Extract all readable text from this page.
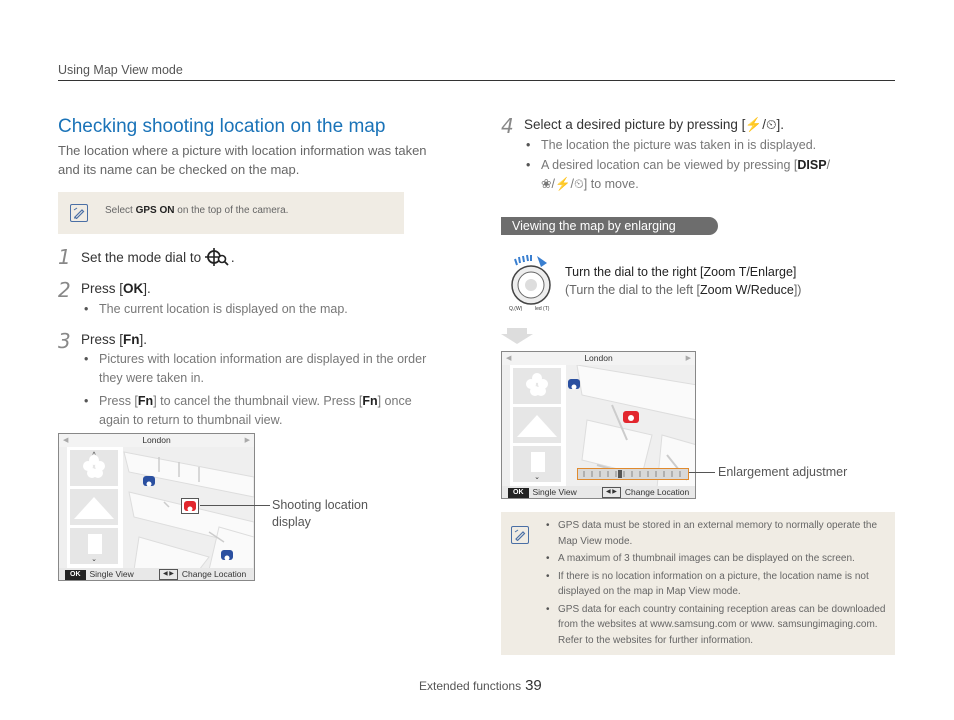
Using Map View mode
Checking shooting location on the map
The location where a picture with location information was taken and its name can be checked on the map.
Select GPS ON on the top of the camera.
1 Set the mode dial to .
2 Press [OK].
• The current location is displayed on the map.
3 Press [Fn].
• Pictures with location information are displayed in the order they were taken in.
• Press [Fn] to cancel the thumbnail view. Press [Fn] once again to return to thumbnail view.
◀	London	▶
^
⌄
OK Single View	◀ ▶ Change Location
Shooting location display
4 Select a desired picture by pressing [⚡/⏲].
• The location the picture was taken in is displayed.
• A desired location can be viewed by pressing [DISP/❀/⚡/⏲] to move.
Viewing the map by enlarging
Q,(W)	led (T)
Turn the dial to the right [Zoom T/Enlarge]
(Turn the dial to the left [Zoom W/Reduce])
◀	London	▶
⌄
OK Single View	◀ ▶ Change Location
Enlargement adjustmer
• GPS data must be stored in an external memory to normally operate the Map View mode.
• A maximum of 3 thumbnail images can be displayed on the screen.
• If there is no location information on a picture, the location name is not displayed on the map in Map View mode.
• GPS data for each country containing reception areas can be downloaded from the websites at www.samsung.com or www. samsungimaging.com. Refer to the websites for further information.
Extended functions 39
